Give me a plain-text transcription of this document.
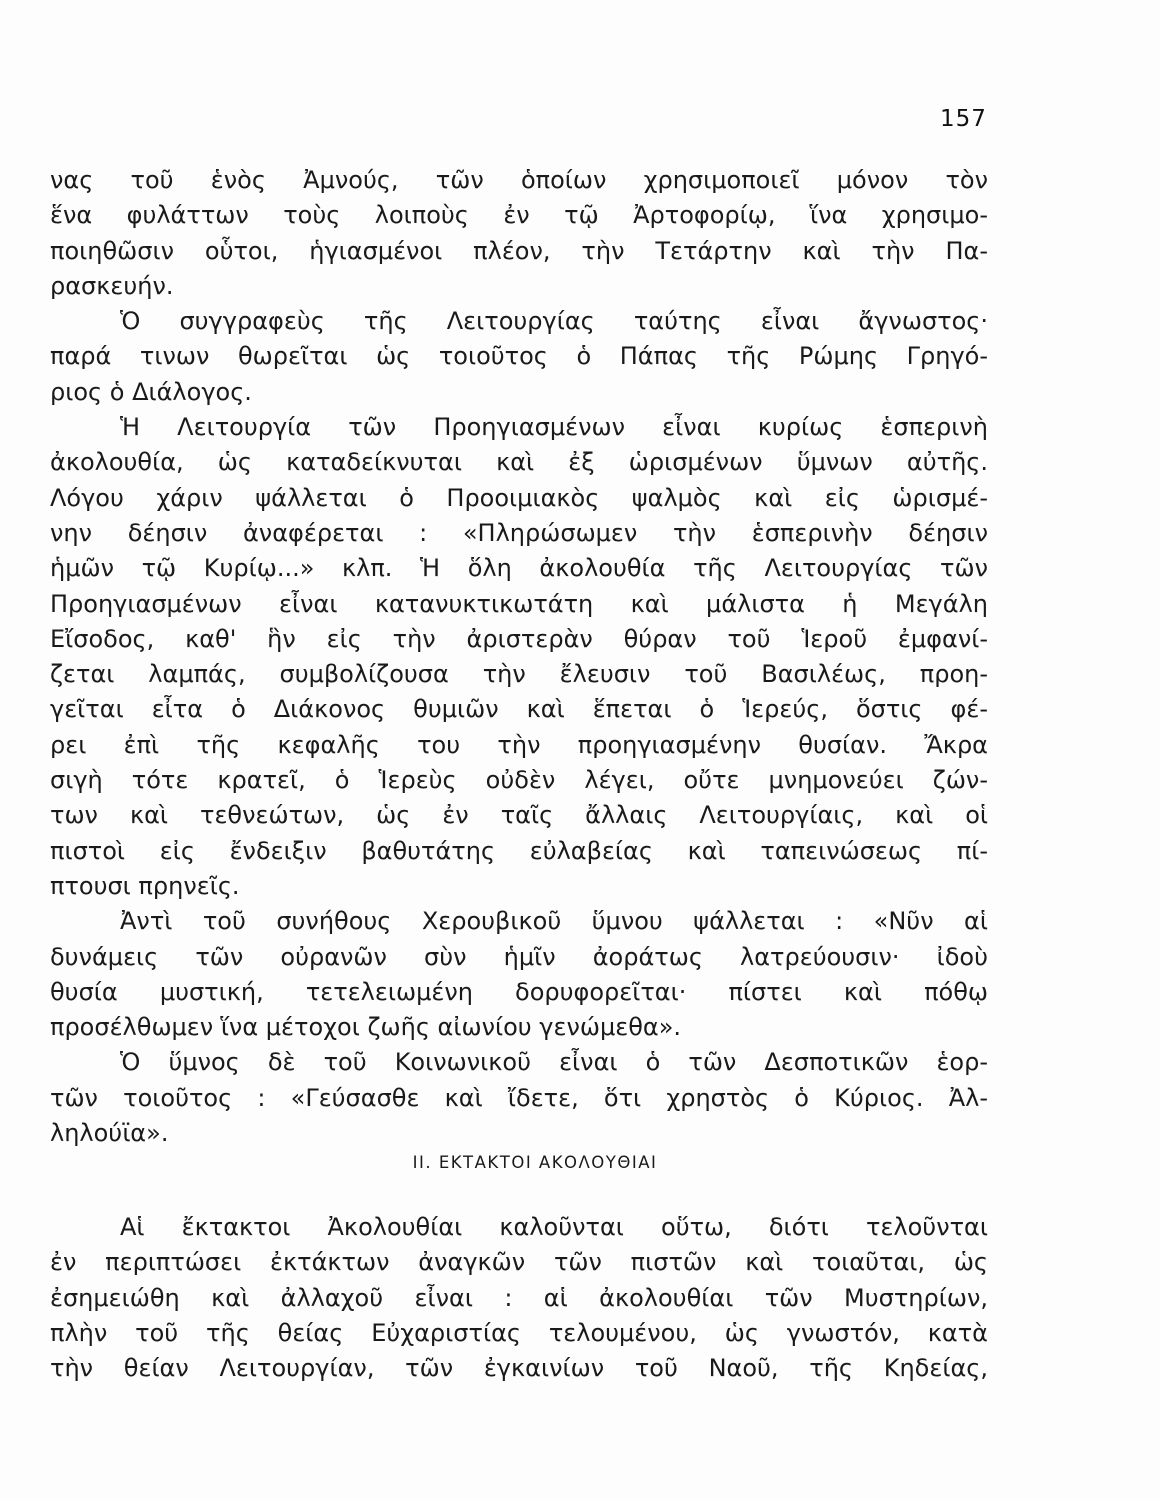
157
νας τοῦ ἑνὸς Ἀμνούς, τῶν ὁποίων χρησιμοποιεῖ μόνον τὸν
ἕνα φυλάττων τοὺς λοιποὺς ἐν τῷ Ἀρτοφορίῳ, ἵνα χρησιμο-
ποιηθῶσιν οὗτοι, ἡγιασμένοι πλέον, τὴν Τετάρτην καὶ τὴν Πα-
ρασκευήν.
Ὁ συγγραφεὺς τῆς Λειτουργίας ταύτης εἶναι ἄγνωστος·
παρά τινων θωρεῖται ὡς τοιοῦτος ὁ Πάπας τῆς Ρώμης Γρηγό-
ριος ὁ Διάλογος.
Ἡ Λειτουργία τῶν Προηγιασμένων εἶναι κυρίως ἑσπερινὴ
ἀκολουθία, ὡς καταδείκνυται καὶ ἐξ ὡρισμένων ὕμνων αὐτῆς.
Λόγου χάριν ψάλλεται ὁ Προοιμιακὸς ψαλμὸς καὶ εἰς ὡρισμέ-
νην δέησιν ἀναφέρεται : «Πληρώσωμεν τὴν ἑσπερινὴν δέησιν
ἡμῶν τῷ Κυρίῳ...» κλπ. Ἡ ὅλη ἀκολουθία τῆς Λειτουργίας τῶν
Προηγιασμένων εἶναι κατανυκτικωτάτη καὶ μάλιστα ἡ Μεγάλη
Εἴσοδος, καθ' ἣν εἰς τὴν ἀριστερὰν θύραν τοῦ Ἱεροῦ ἐμφανί-
ζεται λαμπάς, συμβολίζουσα τὴν ἔλευσιν τοῦ Βασιλέως, προη-
γεῖται εἶτα ὁ Διάκονος θυμιῶν καὶ ἕπεται ὁ Ἱερεύς, ὅστις φέ-
ρει ἐπὶ τῆς κεφαλῆς του τὴν προηγιασμένην θυσίαν. Ἄκρα
σιγὴ τότε κρατεῖ, ὁ Ἱερεὺς οὐδὲν λέγει, οὔτε μνημονεύει ζών-
των καὶ τεθνεώτων, ὡς ἐν ταῖς ἄλλαις Λειτουργίαις, καὶ οἱ
πιστοὶ εἰς ἔνδειξιν βαθυτάτης εὐλαβείας καὶ ταπεινώσεως πί-
πτουσι πρηνεῖς.
Ἀντὶ τοῦ συνήθους Χερουβικοῦ ὕμνου ψάλλεται : «Νῦν αἱ
δυνάμεις τῶν οὐρανῶν σὺν ἡμῖν ἀοράτως λατρεύουσιν· ἰδοὺ
θυσία μυστική, τετελειωμένη δορυφορεῖται· πίστει καὶ πόθῳ
προσέλθωμεν ἵνα μέτοχοι ζωῆς αἰωνίου γενώμεθα».
Ὁ ὕμνος δὲ τοῦ Κοινωνικοῦ εἶναι ὁ τῶν Δεσποτικῶν ἑορ-
τῶν τοιοῦτος : «Γεύσασθε καὶ ἴδετε, ὅτι χρηστὸς ὁ Κύριος. Ἀλ-
ληλούϊα».
ΙΙ. ΕΚΤΑΚΤΟΙ ΑΚΟΛΟΥΘΙΑΙ
Αἱ ἔκτακτοι Ἀκολουθίαι καλοῦνται οὕτω, διότι τελοῦνται
ἐν περιπτώσει ἐκτάκτων ἀναγκῶν τῶν πιστῶν καὶ τοιαῦται, ὡς
ἐσημειώθη καὶ ἀλλαχοῦ εἶναι : αἱ ἀκολουθίαι τῶν Μυστηρίων,
πλὴν τοῦ τῆς θείας Εὐχαριστίας τελουμένου, ὡς γνωστόν, κατὰ
τὴν θείαν Λειτουργίαν, τῶν ἐγκαινίων τοῦ Ναοῦ, τῆς Κηδείας,
